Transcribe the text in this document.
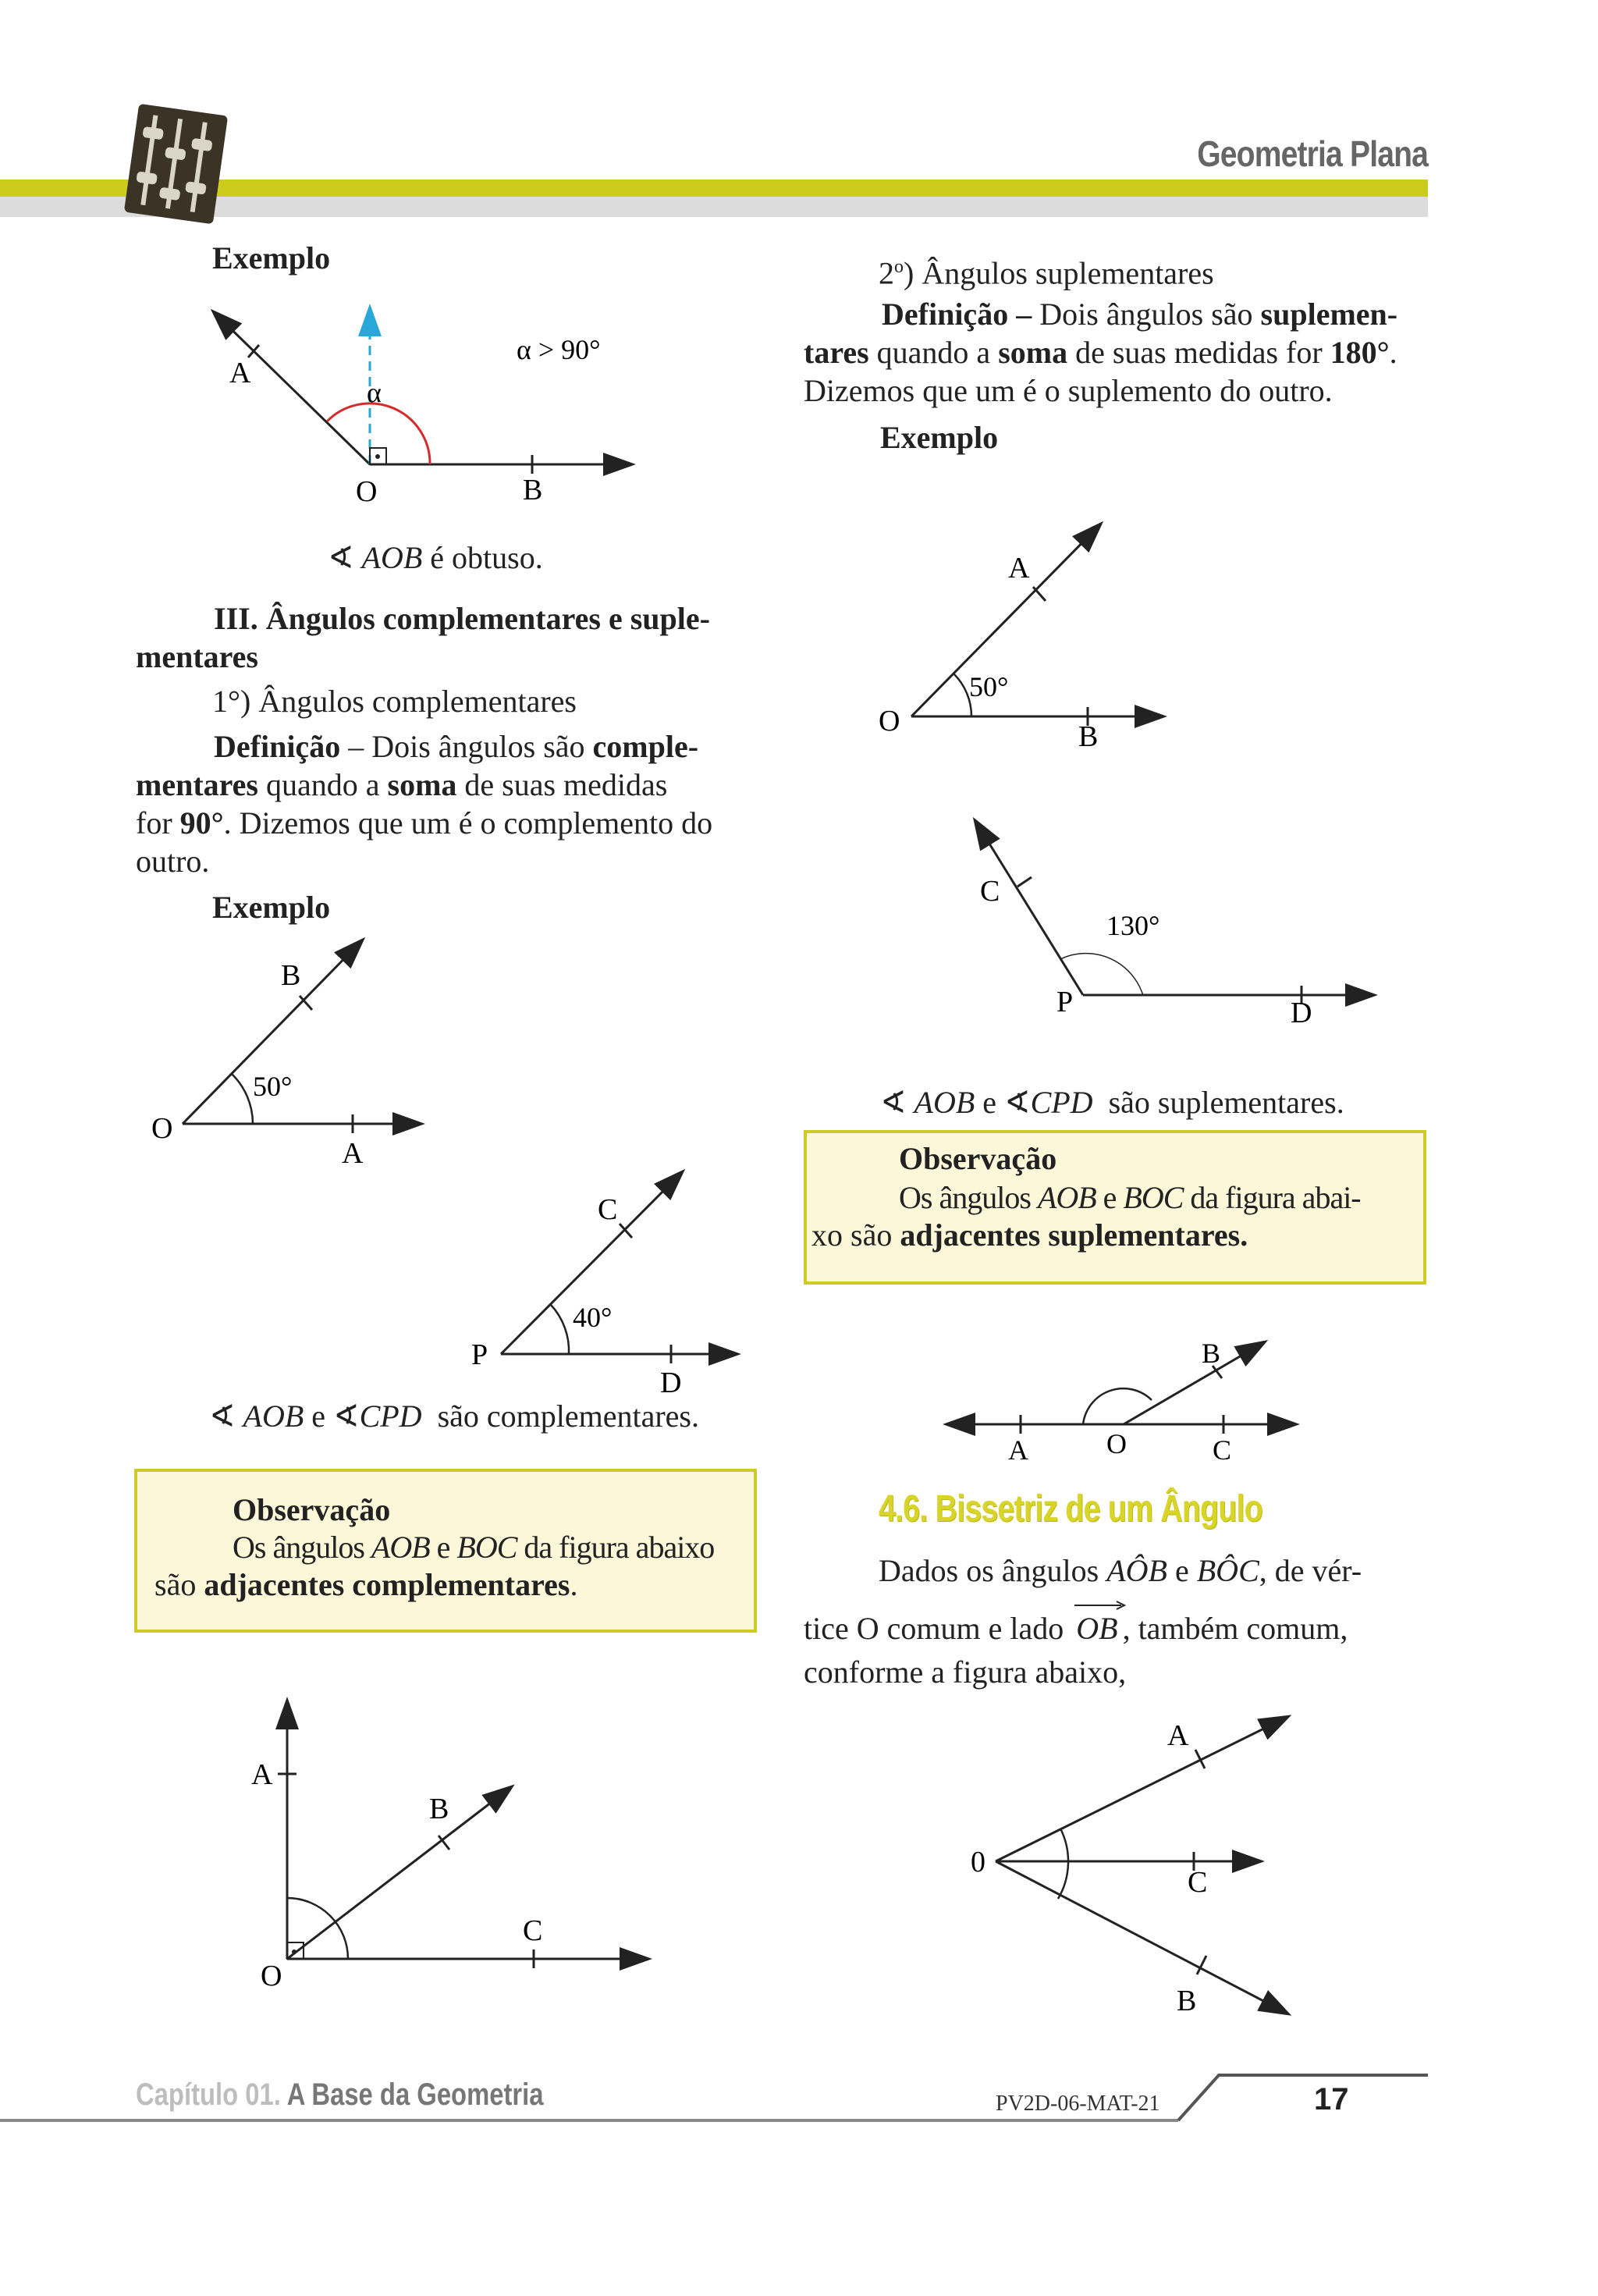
Geometria Plana
Exemplo
α > 90°
α
A
O	B
∢ AOB é obtuso.
III. Ângulos complementares e suple-
mentares
1°) Ângulos complementares
Definição – Dois ângulos são comple-
mentares quando a soma de suas medidas
for 90°. Dizemos que um é o complemento do
outro.
Exemplo
B
O
A
50°
C
P
D
40°
∢ AOB e ∢CPD são complementares.
Observação
Os ângulos AOB e BOC da figura abaixo
são adjacentes complementares.
A
B
C
O
2$^o$) Ângulos suplementares
Definição – Dois ângulos são suplemen-
tares quando a soma de suas medidas for 180°.
Dizemos que um é o suplemento do outro.
Exemplo
A
O	B
50°
C
130°
P	D
∢ AOB e ∢CPD são suplementares.
Observação
Os ângulos AOB e BOC da figura abai-
xo são adjacentes suplementares.
B
A	O	C
4.6. Bissetriz de um Ângulo
Dados os ângulos AÔB e BÔC, de vér-
tice O comum e lado OB , também comum,
conforme a figura abaixo,
A
0
C
B
Capítulo 01. A Base da Geometria	PV2D-06-MAT-21	17
